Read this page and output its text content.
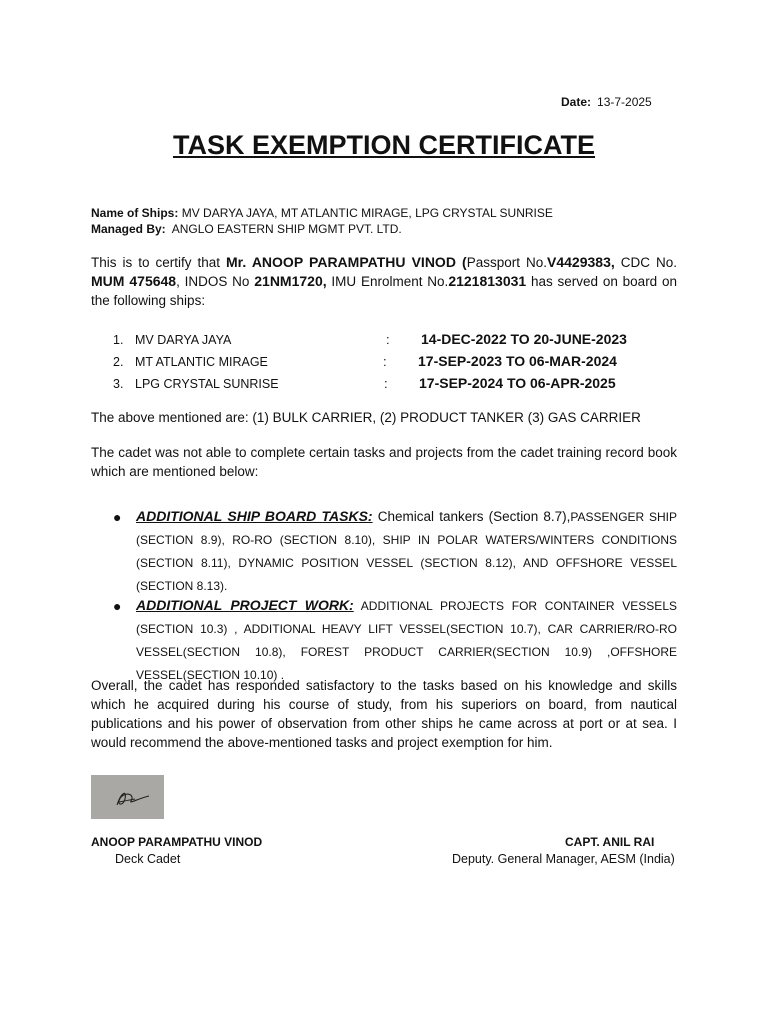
Date: 13-7-2025
TASK EXEMPTION CERTIFICATE
Name of Ships: MV DARYA JAYA, MT ATLANTIC MIRAGE, LPG CRYSTAL SUNRISE
Managed By: ANGLO EASTERN SHIP MGMT PVT. LTD.
This is to certify that Mr. ANOOP PARAMPATHU VINOD (Passport No.V4429383, CDC No. MUM 475648, INDOS No 21NM1720, IMU Enrolment No.2121813031 has served on board on the following ships:
1. MV DARYA JAYA	: 14-DEC-2022 TO 20-JUNE-2023
2. MT ATLANTIC MIRAGE	: 17-SEP-2023 TO 06-MAR-2024
3. LPG CRYSTAL SUNRISE	: 17-SEP-2024 TO 06-APR-2025
The above mentioned are: (1) BULK CARRIER, (2) PRODUCT TANKER (3) GAS CARRIER
The cadet was not able to complete certain tasks and projects from the cadet training record book which are mentioned below:
● ADDITIONAL SHIP BOARD TASKS: Chemical tankers (Section 8.7),PASSENGER SHIP (SECTION 8.9), RO-RO (SECTION 8.10), SHIP IN POLAR WATERS/WINTERS CONDITIONS (SECTION 8.11), DYNAMIC POSITION VESSEL (SECTION 8.12), AND OFFSHORE VESSEL (SECTION 8.13).
● ADDITIONAL PROJECT WORK: ADDITIONAL PROJECTS FOR CONTAINER VESSELS (SECTION 10.3) , ADDITIONAL HEAVY LIFT VESSEL(SECTION 10.7), CAR CARRIER/RO-RO VESSEL(SECTION 10.8), FOREST PRODUCT CARRIER(SECTION 10.9) ,OFFSHORE VESSEL(SECTION 10.10) .
Overall, the cadet has responded satisfactory to the tasks based on his knowledge and skills which he acquired during his course of study, from his superiors on board, from nautical publications and his power of observation from other ships he came across at port or at sea. I would recommend the above-mentioned tasks and project exemption for him.
ANOOP PARAMPATHU VINOD
Deck Cadet
CAPT. ANIL RAI
Deputy. General Manager, AESM (India)
